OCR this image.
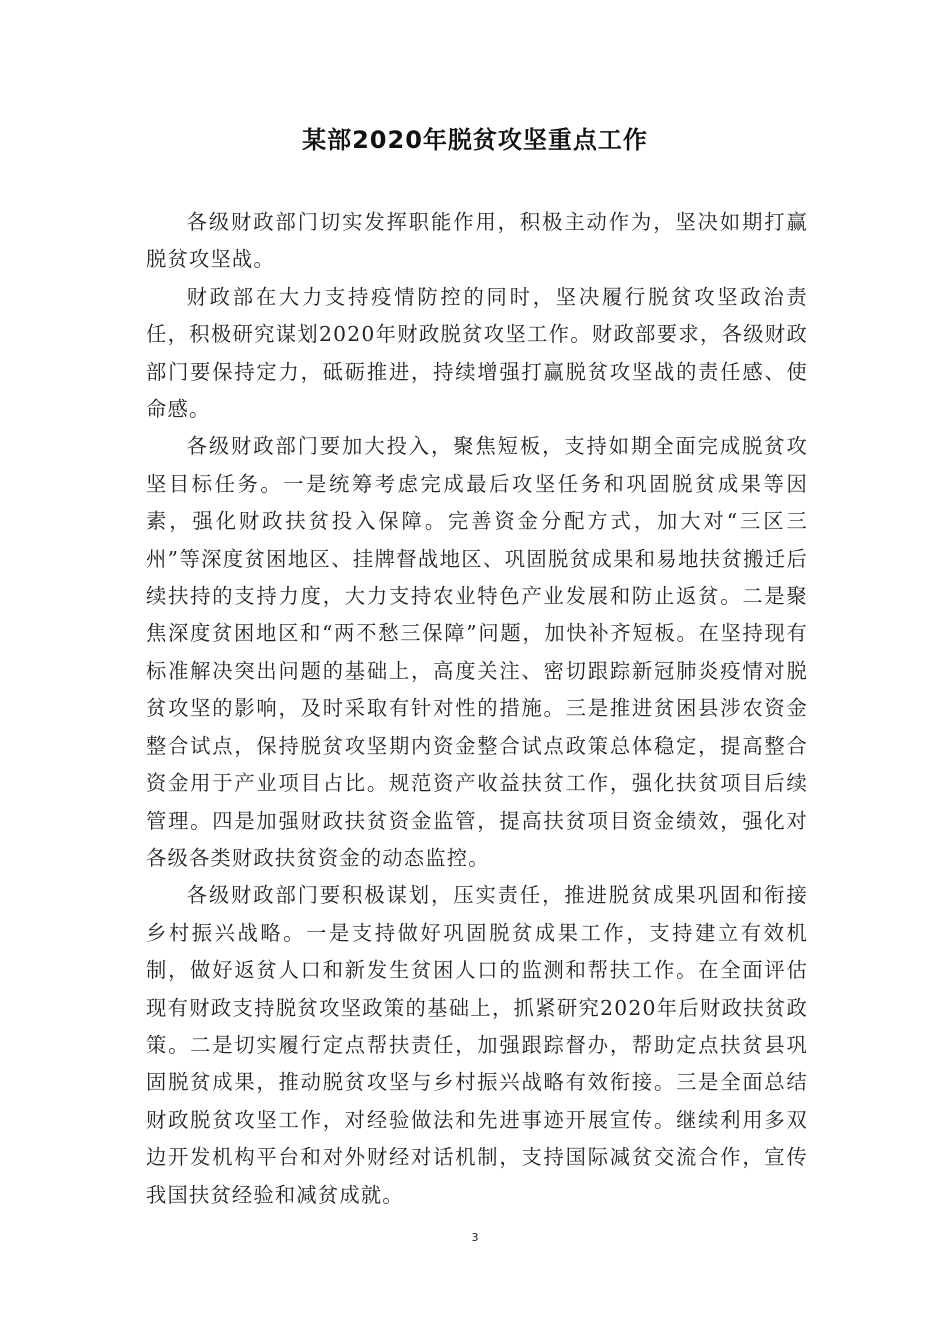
某部2020年脱贫攻坚重点工作

各级财政部门切实发挥职能作用，积极主动作为，坚决如期打赢脱贫攻坚战。

财政部在大力支持疫情防控的同时，坚决履行脱贫攻坚政治责任，积极研究谋划2020年财政脱贫攻坚工作。财政部要求，各级财政部门要保持定力，砥砺推进，持续增强打赢脱贫攻坚战的责任感、使命感。

各级财政部门要加大投入，聚焦短板，支持如期全面完成脱贫攻坚目标任务。一是统筹考虑完成最后攻坚任务和巩固脱贫成果等因素，强化财政扶贫投入保障。完善资金分配方式，加大对“三区三州”等深度贫困地区、挂牌督战地区、巩固脱贫成果和易地扶贫搬迁后续扶持的支持力度，大力支持农业特色产业发展和防止返贫。二是聚焦深度贫困地区和“两不愁三保障”问题，加快补齐短板。在坚持现有标准解决突出问题的基础上，高度关注、密切跟踪新冠肺炎疫情对脱贫攻坚的影响，及时采取有针对性的措施。三是推进贫困县涉农资金整合试点，保持脱贫攻坚期内资金整合试点政策总体稳定，提高整合资金用于产业项目占比。规范资产收益扶贫工作，强化扶贫项目后续管理。四是加强财政扶贫资金监管，提高扶贫项目资金绩效，强化对各级各类财政扶贫资金的动态监控。

各级财政部门要积极谋划，压实责任，推进脱贫成果巩固和衔接乡村振兴战略。一是支持做好巩固脱贫成果工作，支持建立有效机制，做好返贫人口和新发生贫困人口的监测和帮扶工作。在全面评估现有财政支持脱贫攻坚政策的基础上，抓紧研究2020年后财政扶贫政策。二是切实履行定点帮扶责任，加强跟踪督办，帮助定点扶贫县巩固脱贫成果，推动脱贫攻坚与乡村振兴战略有效衔接。三是全面总结财政脱贫攻坚工作，对经验做法和先进事迹开展宣传。继续利用多双边开发机构平台和对外财经对话机制，支持国际减贫交流合作，宣传我国扶贫经验和减贫成就。

3
